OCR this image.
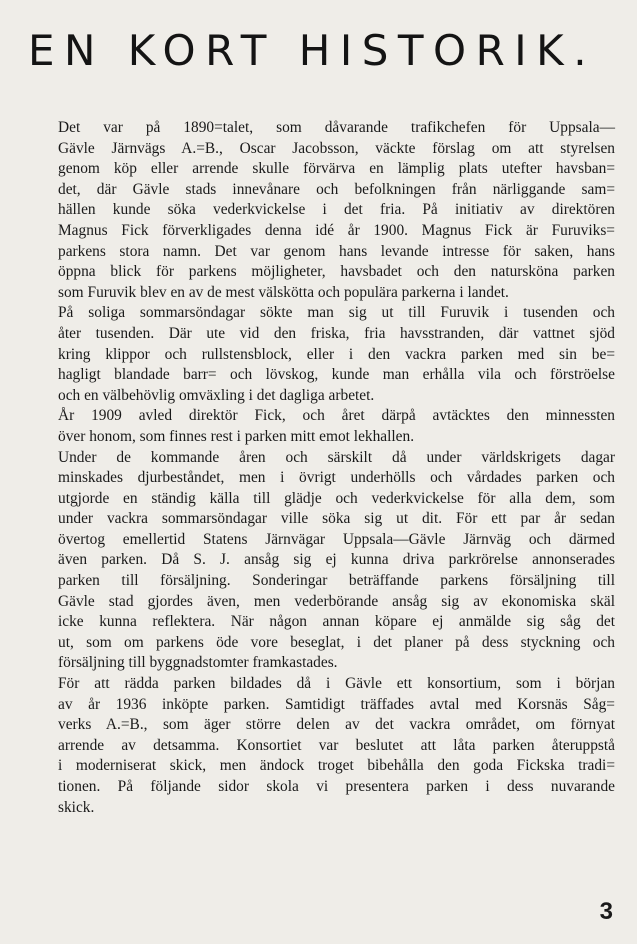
EN KORT HISTORIK.

Det var på 1890=talet, som dåvarande trafikchefen för Uppsala—
Gävle Järnvägs A.=B., Oscar Jacobsson, väckte förslag om att styrelsen
genom köp eller arrende skulle förvärva en lämplig plats utefter havsban=
det, där Gävle stads innevånare och befolkningen från närliggande sam=
hällen kunde söka vederkvickelse i det fria. På initiativ av direktören
Magnus Fick förverkligades denna idé år 1900. Magnus Fick är Furuviks=
parkens stora namn. Det var genom hans levande intresse för saken, hans
öppna blick för parkens möjligheter, havsbadet och den natursköna parken
som Furuvik blev en av de mest välskötta och populära parkerna i landet.

På soliga sommarsöndagar sökte man sig ut till Furuvik i tusenden och
åter tusenden. Där ute vid den friska, fria havsstranden, där vattnet sjöd
kring klippor och rullstensblock, eller i den vackra parken med sin be=
hagligt blandade barr= och lövskog, kunde man erhålla vila och förströelse
och en välbehövlig omväxling i det dagliga arbetet.

År 1909 avled direktör Fick, och året därpå avtäcktes den minnessten
över honom, som finnes rest i parken mitt emot lekhallen.

Under de kommande åren och särskilt då under världskrigets dagar
minskades djurbeståndet, men i övrigt underhölls och vårdades parken och
utgjorde en ständig källa till glädje och vederkvickelse för alla dem, som
under vackra sommarsöndagar ville söka sig ut dit. För ett par år sedan
övertog emellertid Statens Järnvägar Uppsala—Gävle Järnväg och därmed
även parken. Då S. J. ansåg sig ej kunna driva parkrörelse annonserades
parken till försäljning. Sonderingar beträffande parkens försäljning till
Gävle stad gjordes även, men vederbörande ansåg sig av ekonomiska skäl
icke kunna reflektera. När någon annan köpare ej anmälde sig såg det
ut, som om parkens öde vore beseglat, i det planer på dess styckning och
försäljning till byggnadstomter framkastades.

För att rädda parken bildades då i Gävle ett konsortium, som i början
av år 1936 inköpte parken. Samtidigt träffades avtal med Korsnäs Såg=
verks A.=B., som äger större delen av det vackra området, om förnyat
arrende av detsamma. Konsortiet var beslutet att låta parken återuppstå
i moderniserat skick, men ändock troget bibehålla den goda Fickska tradi=
tionen. På följande sidor skola vi presentera parken i dess nuvarande
skick.

3
